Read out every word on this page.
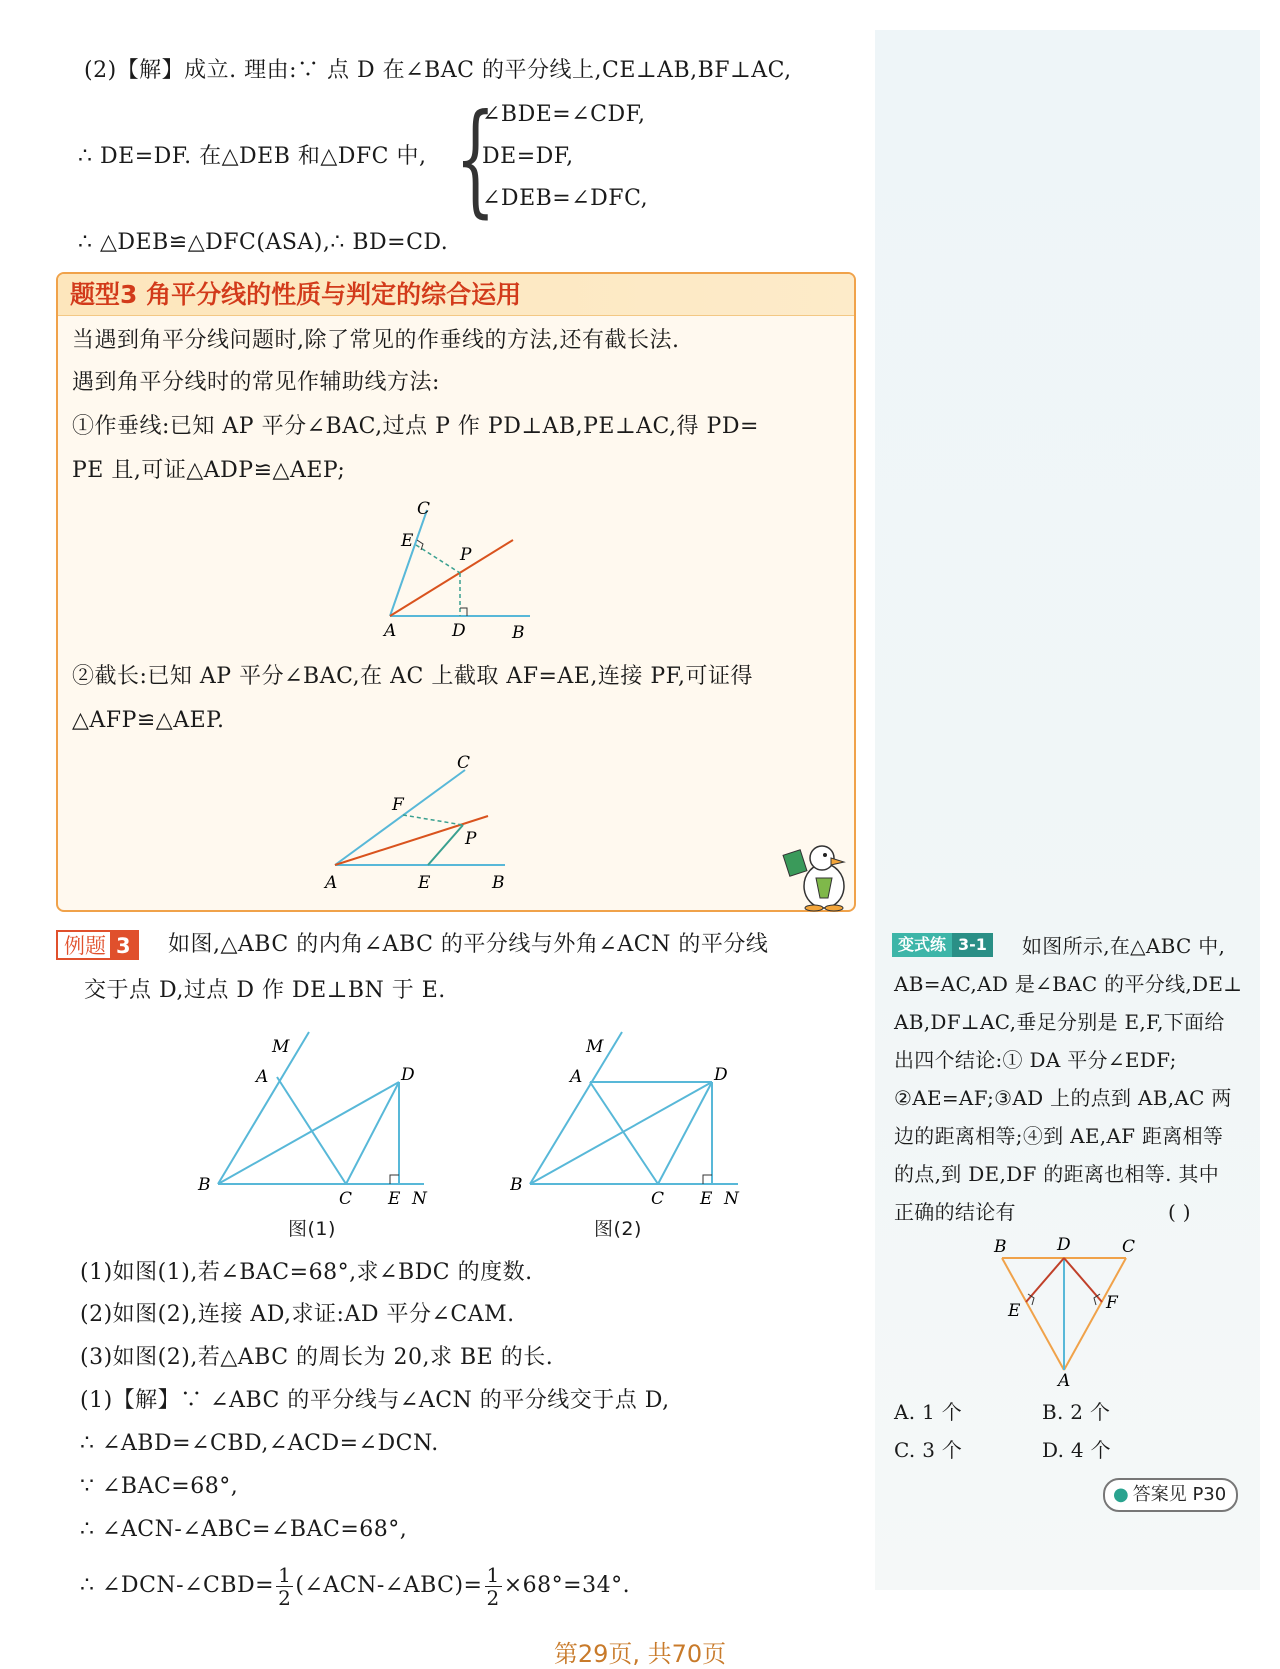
(2)【解】成立. 理由:∵ 点 D 在∠BAC 的平分线上,CE⊥AB,BF⊥AC,
∴ DE=DF. 在△DEB 和△DFC 中, {
∠BDE=∠CDF,
DE=DF,
∠DEB=∠DFC,
∴ △DEB≌△DFC(ASA),∴ BD=CD.
题型3 角平分线的性质与判定的综合运用
当遇到角平分线问题时,除了常见的作垂线的方法,还有截长法.
遇到角平分线时的常见作辅助线方法:
①作垂线:已知 AP 平分∠BAC,过点 P 作 PD⊥AB,PE⊥AC,得 PD=
PE 且,可证△ADP≌△AEP;
C
E
P
A	D	B
②截长:已知 AP 平分∠BAC,在 AC 上截取 AF=AE,连接 PF,可证得
△AFP≌△AEP.
C
F
P
A	E	B
例题 3	如图,△ABC 的内角∠ABC 的平分线与外角∠ACN 的平分线
交于点 D,过点 D 作 DE⊥BN 于 E.
M
A	D
B
C E N
图(1)
M
A	D
B
C E N
图(2)
(1)如图(1),若∠BAC=68°,求∠BDC 的度数.
(2)如图(2),连接 AD,求证:AD 平分∠CAM.
(3)如图(2),若△ABC 的周长为 20,求 BE 的长.
(1)【解】∵ ∠ABC 的平分线与∠ACN 的平分线交于点 D,
∴ ∠ABD=∠CBD,∠ACD=∠DCN.
∵ ∠BAC=68°,
∴ ∠ACN-∠ABC=∠BAC=68°,
∴ ∠DCN-∠CBD= $\frac{1}{2}$ (∠ACN-∠ABC)= $\frac{1}{2} \times 68^\circ=34^\circ$.
变式练 3-1	如图所示,在△ABC 中,
AB=AC,AD 是∠BAC 的平分线,DE⊥
AB,DF⊥AC,垂足分别是 E,F,下面给
出四个结论:① DA 平分∠EDF;
②AE=AF;③AD 上的点到 AB,AC 两
边的距离相等;④到 AE,AF 距离相等
的点,到 DE,DF 的距离也相等. 其中
正确的结论有	( )
B	D	C
E	F
A
A. 1 个	B. 2 个
C. 3 个	D. 4 个
● 答案见 P30
第29页, 共70页
